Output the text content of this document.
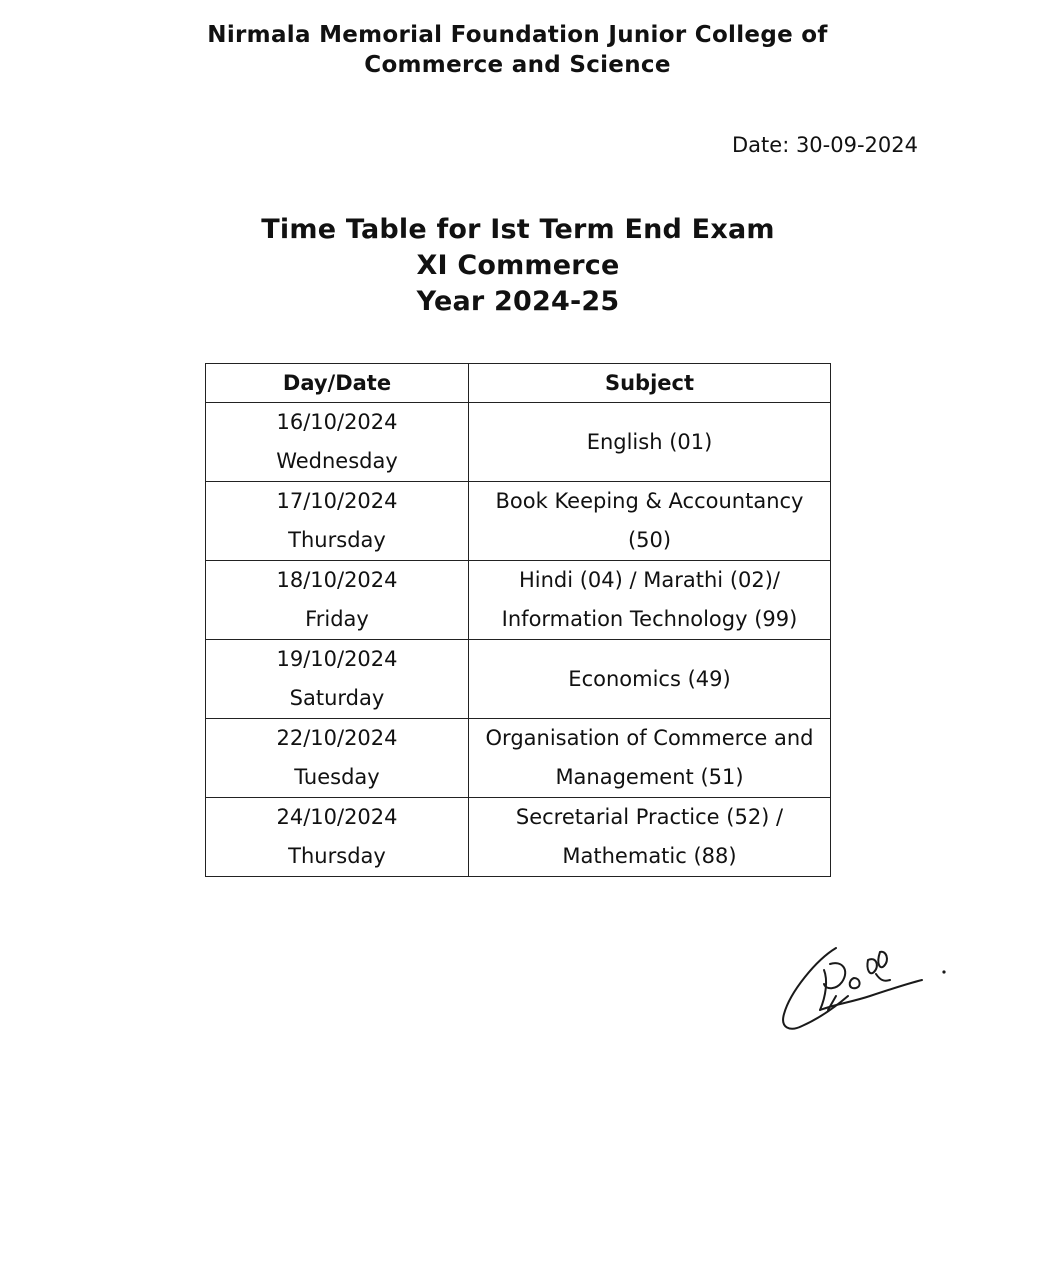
Nirmala Memorial Foundation Junior College of
Commerce and Science
Date: 30-09-2024
Time Table for Ist Term End Exam
XI Commerce
Year 2024-25
Day/Date	Subject

16/10/2024
Wednesday	English (01)

17/10/2024
Thursday	Book Keeping & Accountancy
(50)

18/10/2024
Friday	Hindi (04) / Marathi (02)/
Information Technology (99)

19/10/2024
Saturday	Economics (49)

22/10/2024
Tuesday	Organisation of Commerce and
Management (51)

24/10/2024
Thursday	Secretarial Practice (52) /
Mathematic (88)
